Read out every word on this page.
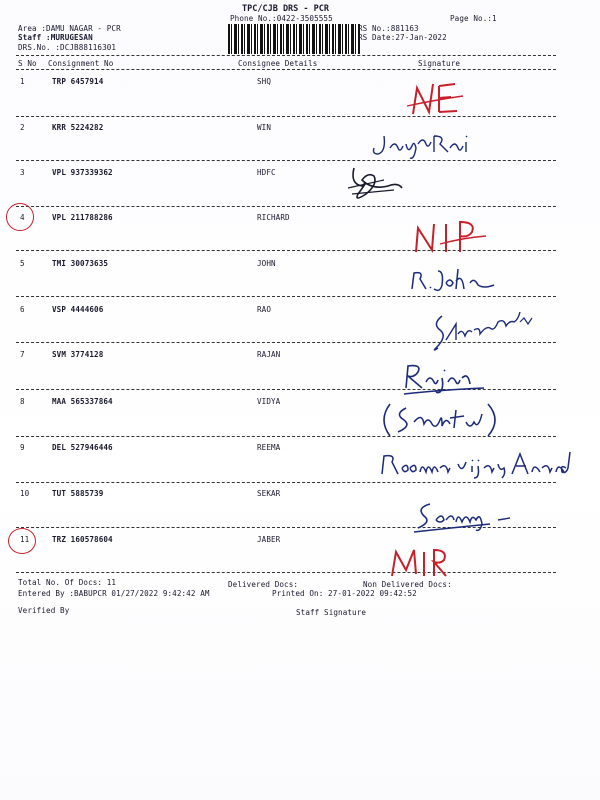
TPC/CJB DRS - PCR
Phone No.:0422-3505555
Area :DAMU NAGAR - PCR
Staff :MURUGESAN
DRS.No. :DCJB88116301
RS No.:881163
RS Date:27-Jan-2022
Page No.:1
S No Consignment No	Consignee Details	Signature
1	TRP 6457914	SHQ
2	KRR 5224282	WIN
3	VPL 937339362	HDFC
4	VPL 211788286	RICHARD
5	TMI 30073635	JOHN
6	VSP 4444606	RAO
7	SVM 3774128	RAJAN
8	MAA 565337864	VIDYA
9	DEL 527946446	REEMA
10	TUT 5885739	SEKAR
11	TRZ 160578604	JABER
Total No. Of Docs: 11	Delivered Docs:	Non Delivered Docs:
Entered By :BABUPCR 01/27/2022 9:42:42 AM	Printed On: 27-01-2022 09:42:52
Verified By	Staff Signature
